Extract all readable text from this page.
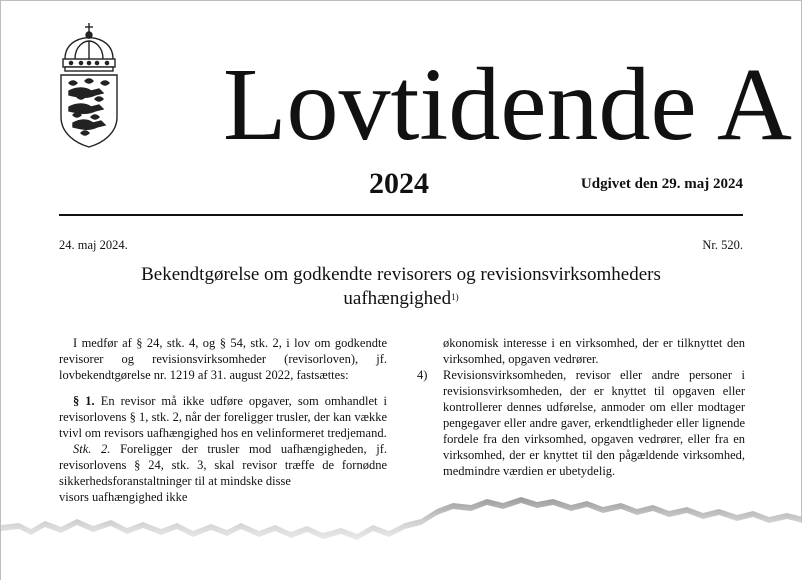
Lovtidende A
2024	Udgivet den 29. maj 2024
24. maj 2024.	Nr. 520.
Bekendtgørelse om godkendte revisorers og revisionsvirksomheders
uafhængighed$^{1)}$

I medfør af § 24, stk. 4, og § 54, stk. 2, i lov om godkendte revisorer og revisionsvirksomheder (revisorloven), jf. lovbekendtgørelse nr. 1219 af 31. august 2022, fastsættes:

§ 1. En revisor må ikke udføre opgaver, som omhandlet i revisorlovens § 1, stk. 2, når der foreligger trusler, der kan vække tvivl om revisors uafhængighed hos en velinformeret tredjemand.

Stk. 2. Foreligger der trusler mod uafhængigheden, jf. revisorlovens § 24, stk. 3, skal revisor træffe de fornødne sikkerhedsforanstaltninger til at mindske disse

visors uafhængighed ikke

økonomisk interesse i en virksomhed, der er tilknyttet den virksomhed, opgaven vedrører.

4)	Revisionsvirksomheden, revisor eller andre personer i revisionsvirksomheden, der er knyttet til opgaven eller kontrollerer dennes udførelse, anmoder om eller modtager pengegaver eller andre gaver, erkendtligheder eller lignende fordele fra den virksomhed, opgaven vedrører, eller fra en virksomhed, der er knyttet til den pågældende virksomhed, medmindre værdien er ubetydelig.
